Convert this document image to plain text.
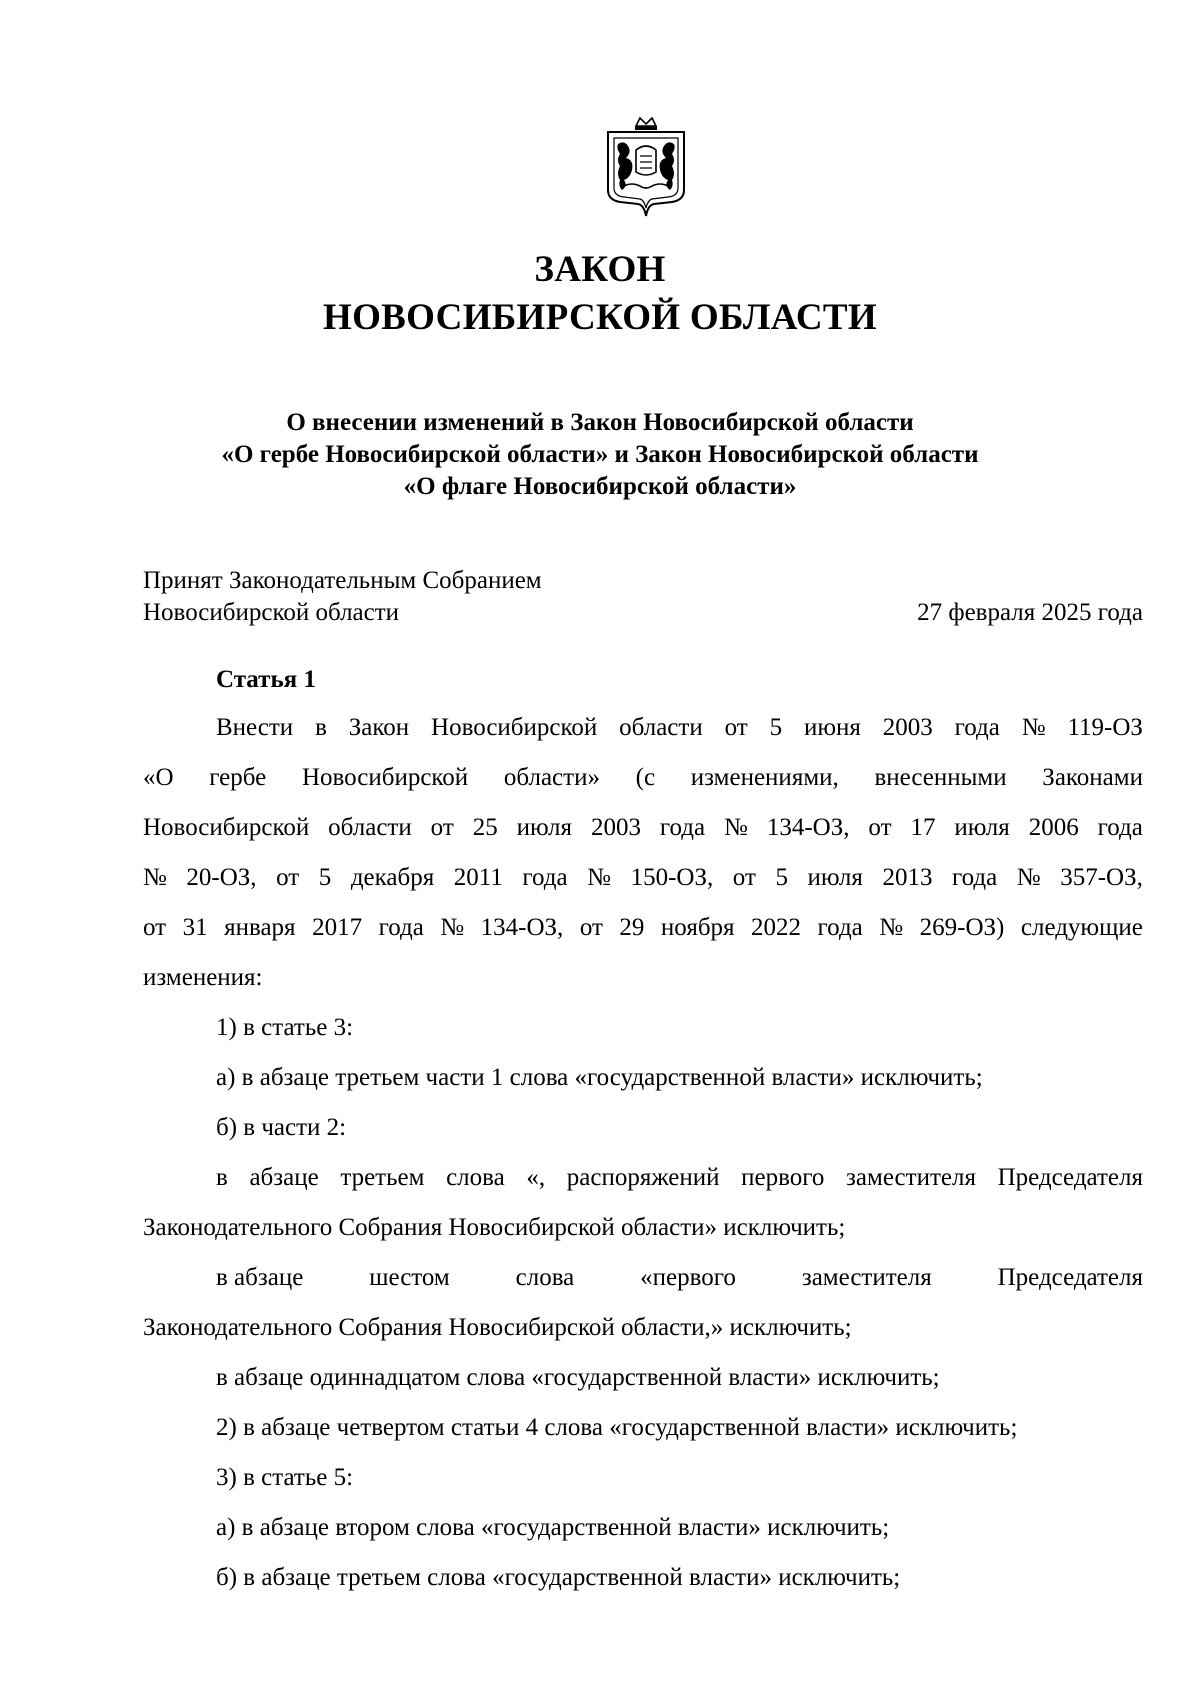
ЗАКОН
НОВОСИБИРСКОЙ ОБЛАСТИ
О внесении изменений в Закон Новосибирской области
«О гербе Новосибирской области» и Закон Новосибирской области
«О флаге Новосибирской области»
Принят Законодательным Собранием
Новосибирской области	27 февраля 2025 года
Статья 1
Внести в Закон Новосибирской области от 5 июня 2003 года № 119-ОЗ
«О гербе Новосибирской области» (с изменениями, внесенными Законами
Новосибирской области от 25 июля 2003 года № 134-ОЗ, от 17 июля 2006 года
№ 20-ОЗ, от 5 декабря 2011 года № 150-ОЗ, от 5 июля 2013 года № 357-ОЗ,
от 31 января 2017 года № 134-ОЗ, от 29 ноября 2022 года № 269-ОЗ) следующие
изменения:
1) в статье 3:
а) в абзаце третьем части 1 слова «государственной власти» исключить;
б) в части 2:
в абзаце третьем слова «, распоряжений первого заместителя Председателя
Законодательного Собрания Новосибирской области» исключить;
в абзаце	шестом	слова	«первого	заместителя	Председателя
Законодательного Собрания Новосибирской области,» исключить;
в абзаце одиннадцатом слова «государственной власти» исключить;
2) в абзаце четвертом статьи 4 слова «государственной власти» исключить;
3) в статье 5:
а) в абзаце втором слова «государственной власти» исключить;
б) в абзаце третьем слова «государственной власти» исключить;
